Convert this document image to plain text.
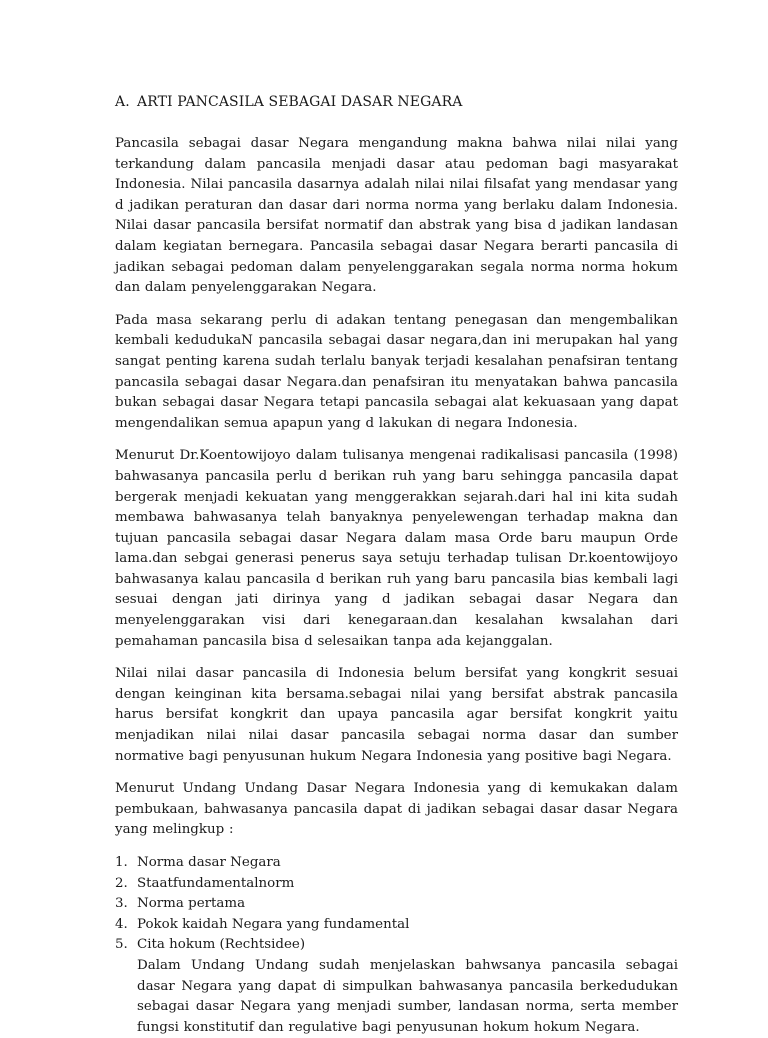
A. ARTI PANCASILA SEBAGAI DASAR NEGARA

Pancasila sebagai dasar Negara mengandung makna bahwa nilai nilai yang terkandung dalam pancasila menjadi dasar atau pedoman bagi masyarakat Indonesia. Nilai pancasila dasarnya adalah nilai nilai filsafat yang mendasar yang d jadikan peraturan dan dasar dari norma norma yang berlaku dalam Indonesia. Nilai dasar pancasila bersifat normatif dan abstrak yang bisa d jadikan landasan dalam kegiatan bernegara. Pancasila sebagai dasar Negara berarti pancasila di jadikan sebagai pedoman dalam penyelenggarakan segala norma norma hokum dan dalam penyelenggarakan Negara.

Pada masa sekarang perlu di adakan tentang penegasan dan mengembalikan kembali kedudukaN pancasila sebagai dasar negara,dan ini merupakan hal yang sangat penting karena sudah terlalu banyak terjadi kesalahan penafsiran tentang pancasila sebagai dasar Negara.dan penafsiran itu menyatakan bahwa pancasila bukan sebagai dasar Negara tetapi pancasila sebagai alat kekuasaan yang dapat mengendalikan semua apapun yang d lakukan di negara Indonesia.

Menurut Dr.Koentowijoyo dalam tulisanya mengenai radikalisasi pancasila (1998) bahwasanya pancasila perlu d berikan ruh yang baru sehingga pancasila dapat bergerak menjadi kekuatan yang menggerakkan sejarah.dari hal ini kita sudah membawa bahwasanya telah banyaknya penyelewengan terhadap makna dan tujuan pancasila sebagai dasar Negara dalam masa Orde baru maupun Orde lama.dan sebgai generasi penerus saya setuju terhadap tulisan Dr.koentowijoyo bahwasanya kalau pancasila d berikan ruh yang baru pancasila bias kembali lagi sesuai dengan jati dirinya yang d jadikan sebagai dasar Negara dan menyelenggarakan visi dari kenegaraan.dan kesalahan kwsalahan dari pemahaman pancasila bisa d selesaikan tanpa ada kejanggalan.

Nilai nilai dasar pancasila di Indonesia belum bersifat yang kongkrit sesuai dengan keinginan kita bersama.sebagai nilai yang bersifat abstrak pancasila harus bersifat kongkrit dan upaya pancasila agar bersifat kongkrit yaitu menjadikan nilai nilai dasar pancasila sebagai norma dasar dan sumber normative bagi penyusunan hukum Negara Indonesia yang positive bagi Negara.

Menurut Undang Undang Dasar Negara Indonesia yang di kemukakan dalam pembukaan, bahwasanya pancasila dapat di jadikan sebagai dasar dasar Negara yang melingkup :

1. Norma dasar Negara
2. Staatfundamentalnorm
3. Norma pertama
4. Pokok kaidah Negara yang fundamental
5. Cita hokum (Rechtsidee)
Dalam Undang Undang sudah menjelaskan bahwsanya pancasila sebagai dasar Negara yang dapat di simpulkan bahwasanya pancasila berkedudukan sebagai dasar Negara yang menjadi sumber, landasan norma, serta member fungsi konstitutif dan regulative bagi penyusunan hokum hokum Negara.
